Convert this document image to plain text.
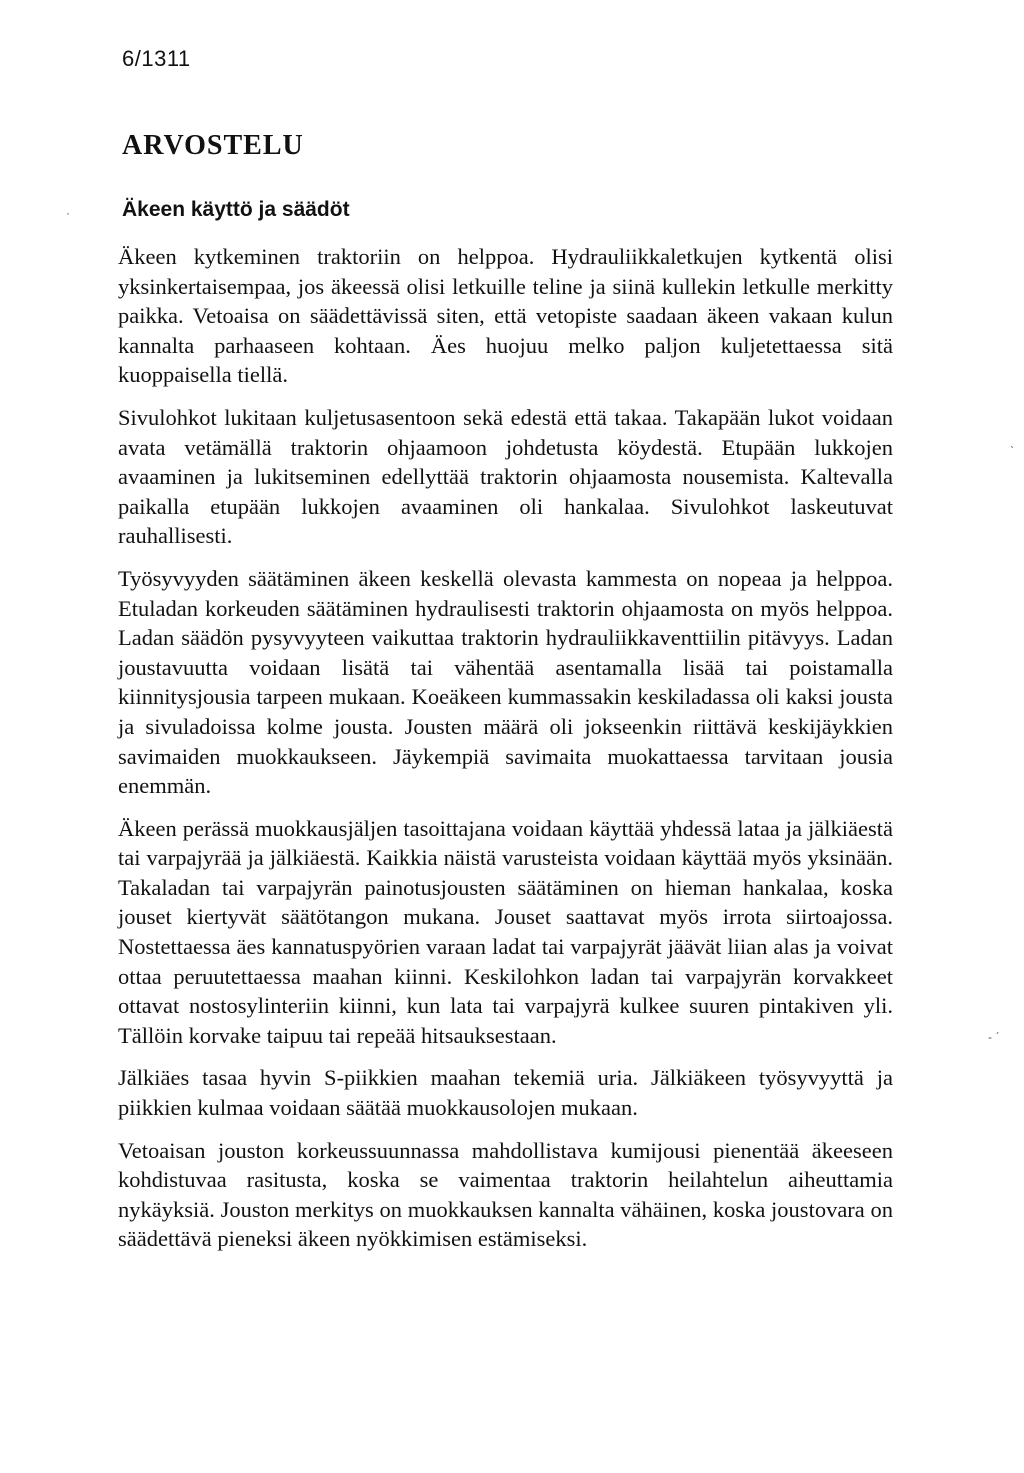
6/1311
ARVOSTELU
Äkeen käyttö ja säädöt

Äkeen kytkeminen traktoriin on helppoa. Hydrauliikkaletkujen kytkentä olisi yksinkertaisempaa, jos äkeessä olisi letkuille teline ja siinä kullekin letkulle merkitty paikka. Vetoaisa on säädettävissä siten, että vetopiste saadaan äkeen vakaan kulun kannalta parhaaseen kohtaan. Äes huojuu melko paljon kuljetettaessa sitä kuoppaisella tiellä.

Sivulohkot lukitaan kuljetusasentoon sekä edestä että takaa. Takapään lukot voidaan avata vetämällä traktorin ohjaamoon johdetusta köydestä. Etupään lukkojen avaaminen ja lukitseminen edellyttää traktorin ohjaamosta nousemista. Kaltevalla paikalla etupään lukkojen avaaminen oli hankalaa. Sivulohkot laskeutuvat rauhallisesti.

Työsyvyyden säätäminen äkeen keskellä olevasta kammesta on nopeaa ja helppoa. Etuladan korkeuden säätäminen hydraulisesti traktorin ohjaamosta on myös helppoa. Ladan säädön pysyvyyteen vaikuttaa traktorin hydrauliikkaventtiilin pitävyys. Ladan joustavuutta voidaan lisätä tai vähentää asentamalla lisää tai poistamalla kiinnitysjousia tarpeen mukaan. Koeäkeen kummassakin keskiladassa oli kaksi jousta ja sivuladoissa kolme jousta. Jousten määrä oli jokseenkin riittävä keskijäykkien savimaiden muokkaukseen. Jäykempiä savimaita muokattaessa tarvitaan jousia enemmän.

Äkeen perässä muokkausjäljen tasoittajana voidaan käyttää yhdessä lataa ja jälkiäestä tai varpajyrää ja jälkiäestä. Kaikkia näistä varusteista voidaan käyttää myös yksinään. Takaladan tai varpajyrän painotusjousten säätäminen on hieman hankalaa, koska jouset kiertyvät säätötangon mukana. Jouset saattavat myös irrota siirtoajossa. Nostettaessa äes kannatuspyörien varaan ladat tai varpajyrät jäävät liian alas ja voivat ottaa peruutettaessa maahan kiinni. Keskilohkon ladan tai varpajyrän korvakkeet ottavat nostosylinteriin kiinni, kun lata tai varpajyrä kulkee suuren pintakiven yli. Tällöin korvake taipuu tai repeää hitsauksestaan.

Jälkiäes tasaa hyvin S-piikkien maahan tekemiä uria. Jälkiäkeen työsyvyyttä ja piikkien kulmaa voidaan säätää muokkausolojen mukaan.

Vetoaisan jouston korkeussuunnassa mahdollistava kumijousi pienentää äkeeseen kohdistuvaa rasitusta, koska se vaimentaa traktorin heilahtelun aiheuttamia nykäyksiä. Jouston merkitys on muokkauksen kannalta vähäinen, koska joustovara on säädettävä pieneksi äkeen nyökkimisen estämiseksi.

·
ˋ
- ˊ
